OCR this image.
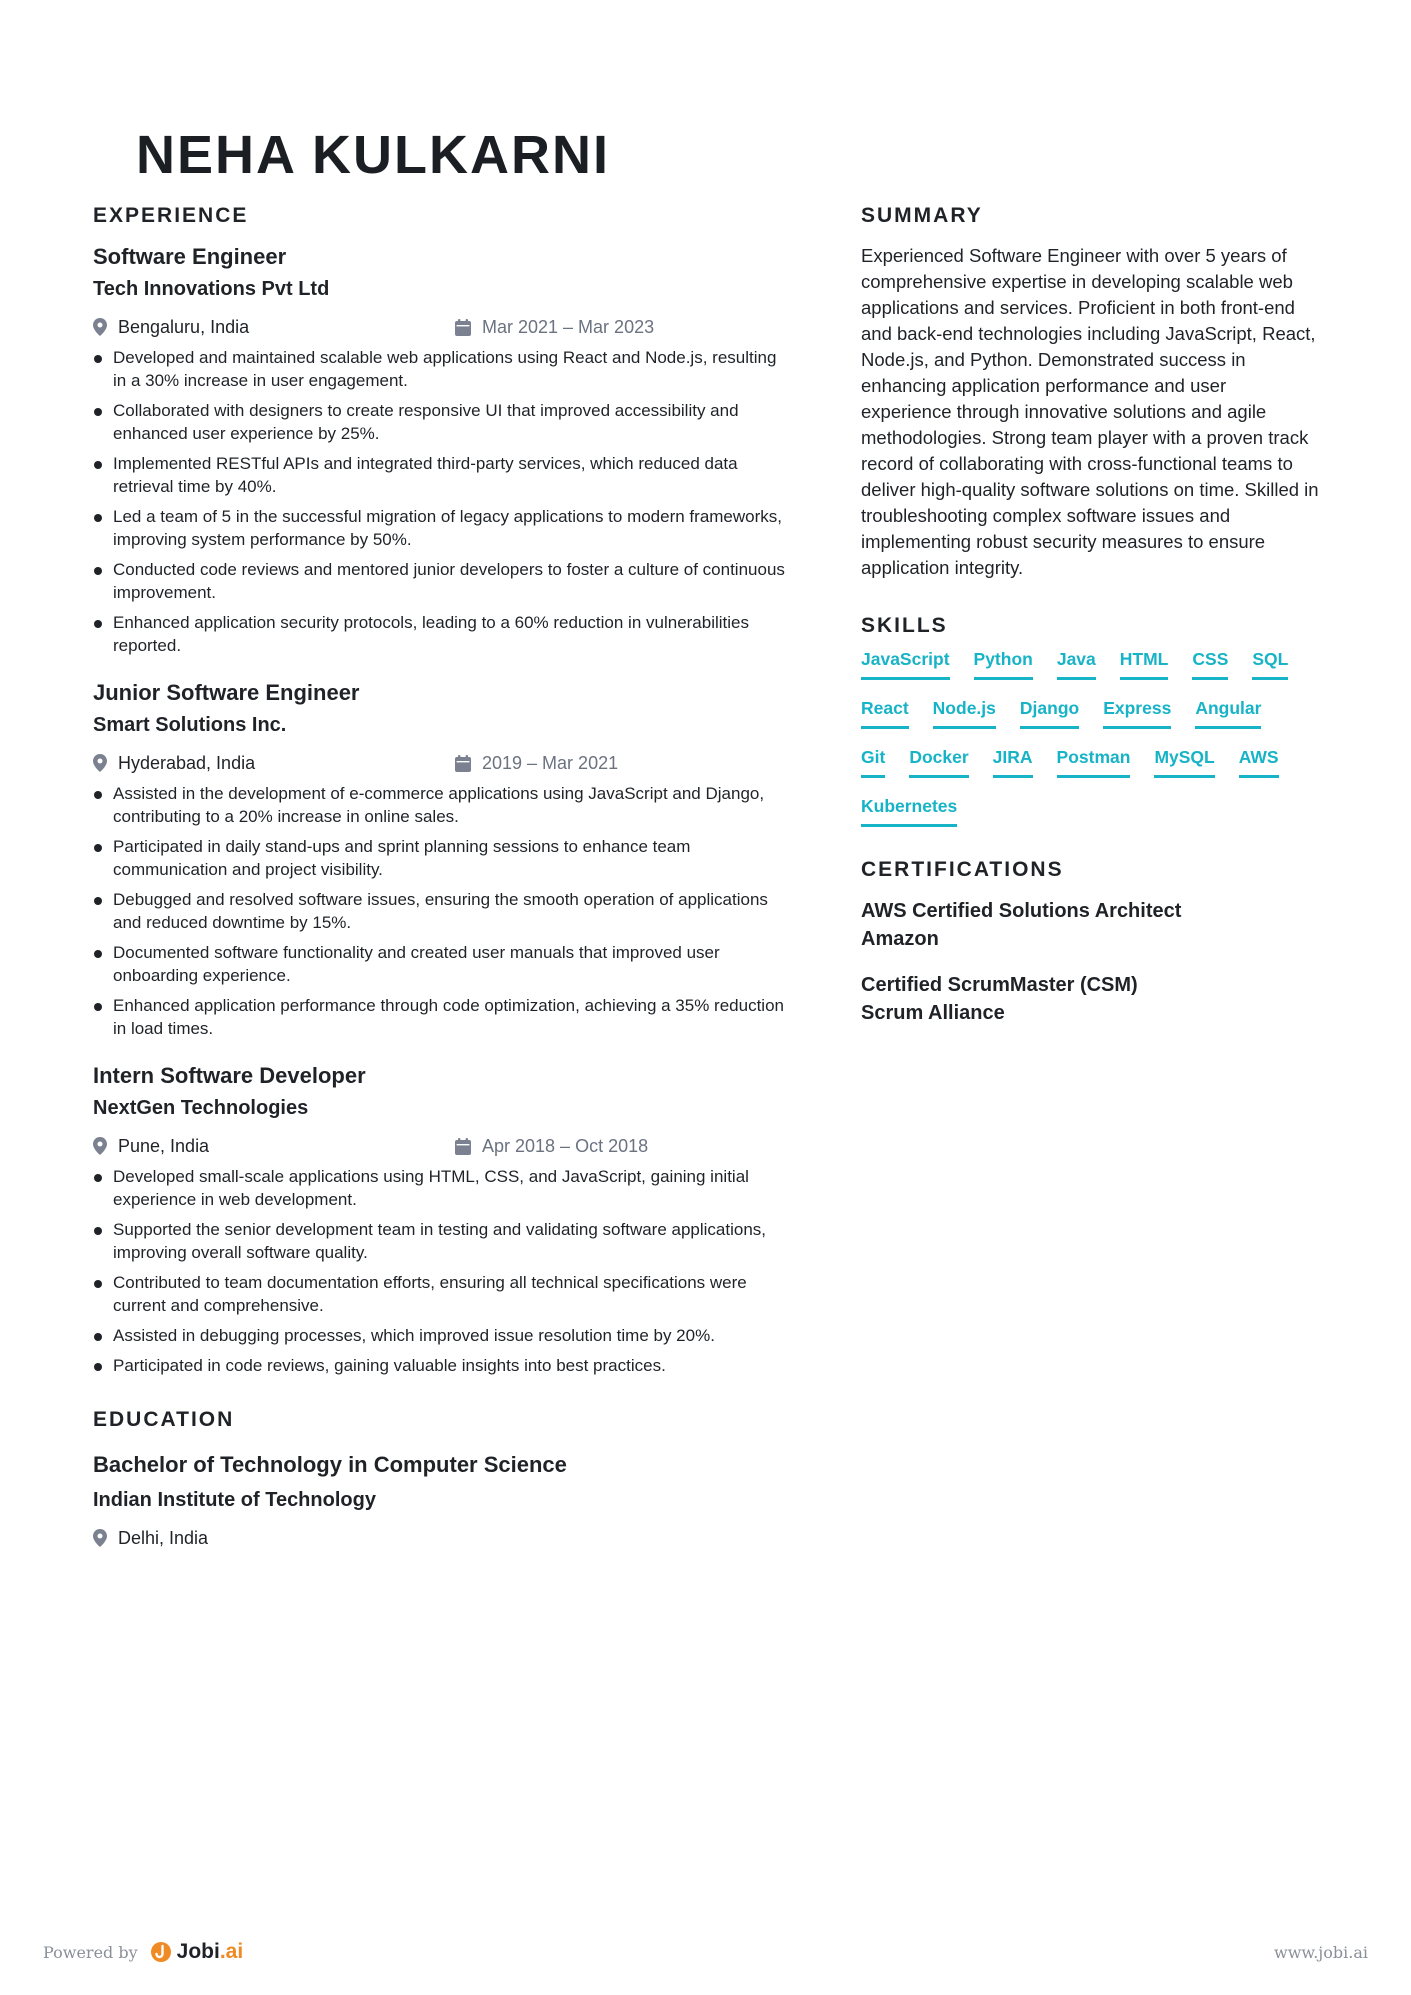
NEHA KULKARNI
EXPERIENCE
Software Engineer
Tech Innovations Pvt Ltd
Bengaluru, India	Mar 2021 – Mar 2023
Developed and maintained scalable web applications using React and Node.js, resulting in a 30% increase in user engagement.
Collaborated with designers to create responsive UI that improved accessibility and enhanced user experience by 25%.
Implemented RESTful APIs and integrated third-party services, which reduced data retrieval time by 40%.
Led a team of 5 in the successful migration of legacy applications to modern frameworks, improving system performance by 50%.
Conducted code reviews and mentored junior developers to foster a culture of continuous improvement.
Enhanced application security protocols, leading to a 60% reduction in vulnerabilities reported.
Junior Software Engineer
Smart Solutions Inc.
Hyderabad, India	2019 – Mar 2021
Assisted in the development of e-commerce applications using JavaScript and Django, contributing to a 20% increase in online sales.
Participated in daily stand-ups and sprint planning sessions to enhance team communication and project visibility.
Debugged and resolved software issues, ensuring the smooth operation of applications and reduced downtime by 15%.
Documented software functionality and created user manuals that improved user onboarding experience.
Enhanced application performance through code optimization, achieving a 35% reduction in load times.
Intern Software Developer
NextGen Technologies
Pune, India	Apr 2018 – Oct 2018
Developed small-scale applications using HTML, CSS, and JavaScript, gaining initial experience in web development.
Supported the senior development team in testing and validating software applications, improving overall software quality.
Contributed to team documentation efforts, ensuring all technical specifications were current and comprehensive.
Assisted in debugging processes, which improved issue resolution time by 20%.
Participated in code reviews, gaining valuable insights into best practices.
EDUCATION
Bachelor of Technology in Computer Science
Indian Institute of Technology
Delhi, India
SUMMARY
Experienced Software Engineer with over 5 years of comprehensive expertise in developing scalable web applications and services. Proficient in both front-end and back-end technologies including JavaScript, React, Node.js, and Python. Demonstrated success in enhancing application performance and user experience through innovative solutions and agile methodologies. Strong team player with a proven track record of collaborating with cross-functional teams to deliver high-quality software solutions on time. Skilled in troubleshooting complex software issues and implementing robust security measures to ensure application integrity.
SKILLS
JavaScript Python Java HTML CSS SQL
React Node.js Django Express Angular
Git Docker JIRA Postman MySQL AWS
Kubernetes
CERTIFICATIONS
AWS Certified Solutions Architect
Amazon
Certified ScrumMaster (CSM)
Scrum Alliance
Powered by Jobi .ai	www.jobi.ai
